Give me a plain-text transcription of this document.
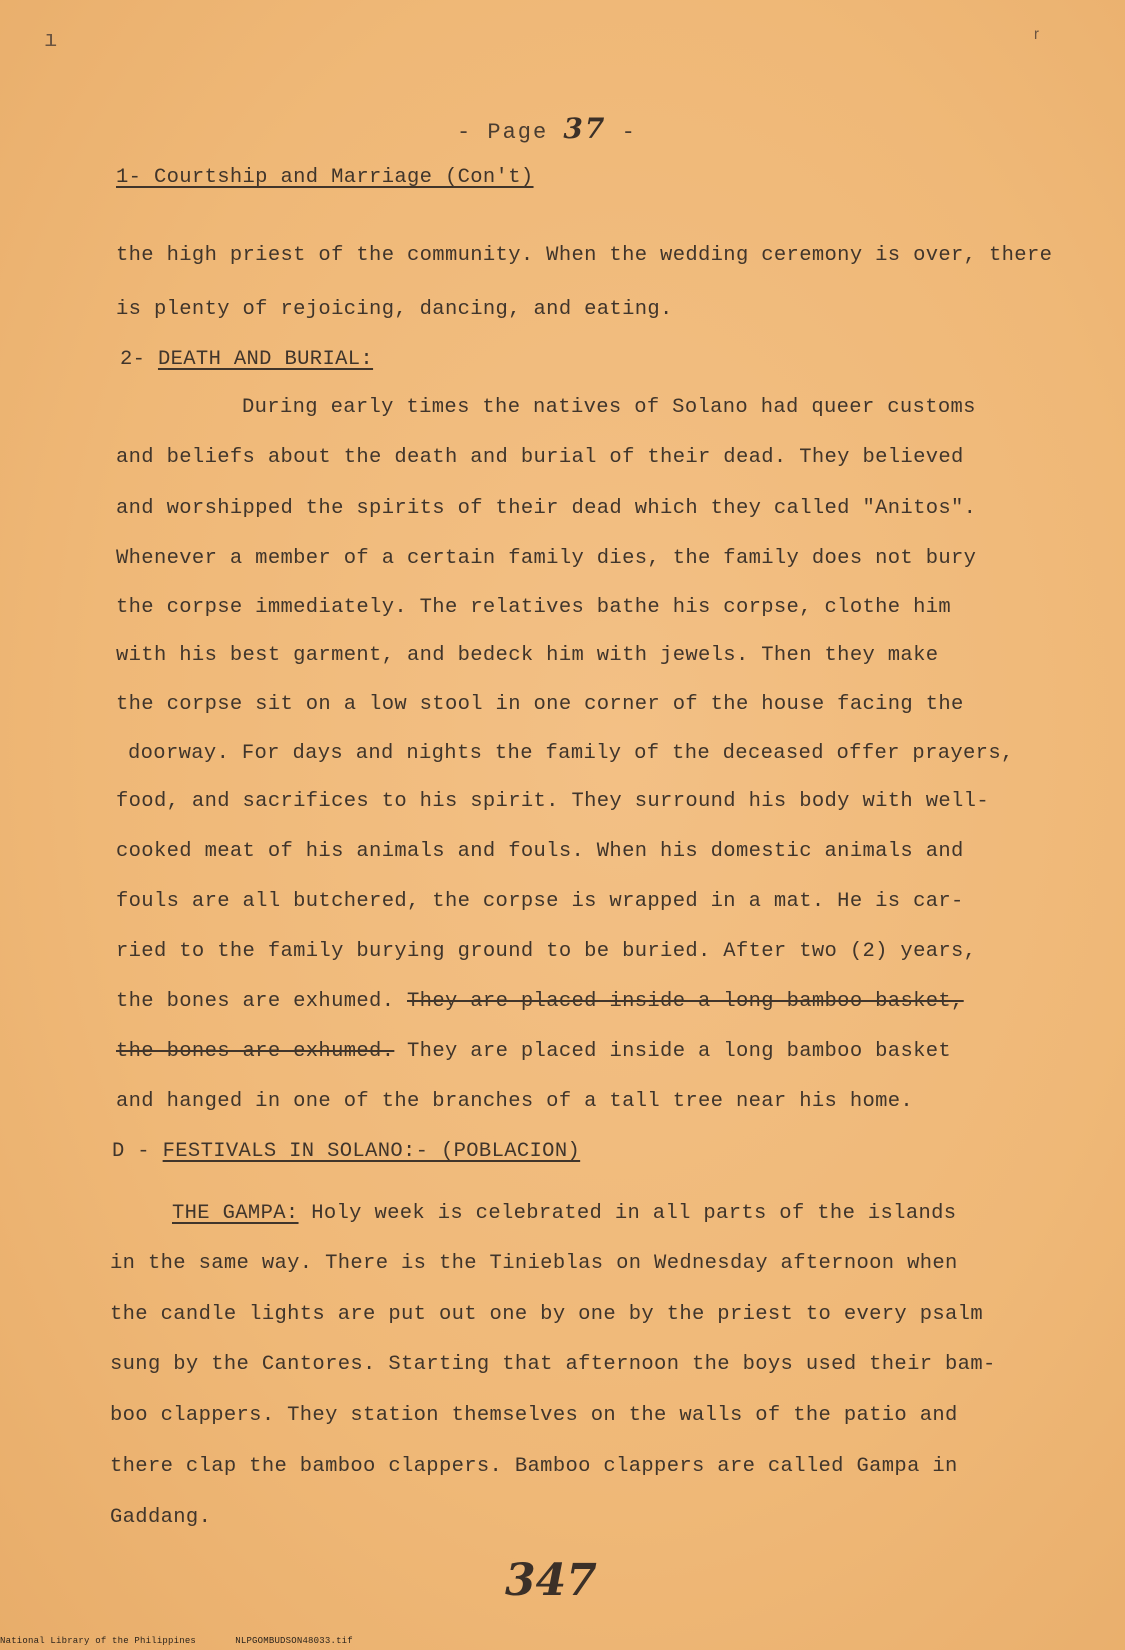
ı	ʳ
- Page 37 -
1- Courtship and Marriage (Con't)
the high priest of the community. When the wedding ceremony is over, there
is plenty of rejoicing, dancing, and eating.
2- DEATH AND BURIAL:
During early times the natives of Solano had queer customs
and beliefs about the death and burial of their dead. They believed
and worshipped the spirits of their dead which they called "Anitos".
Whenever a member of a certain family dies, the family does not bury
the corpse immediately. The relatives bathe his corpse, clothe him
with his best garment, and bedeck him with jewels. Then they make
the corpse sit on a low stool in one corner of the house facing the
doorway. For days and nights the family of the deceased offer prayers,
food, and sacrifices to his spirit. They surround his body with well-
cooked meat of his animals and fouls. When his domestic animals and
fouls are all butchered, the corpse is wrapped in a mat. He is car-
ried to the family burying ground to be buried. After two (2) years,
the bones are exhumed. They are placed inside a long bamboo basket,
the bones are exhumed. They are placed inside a long bamboo basket
and hanged in one of the branches of a tall tree near his home.
D - FESTIVALS IN SOLANO:- (POBLACION)
THE GAMPA: Holy week is celebrated in all parts of the islands
in the same way. There is the Tinieblas on Wednesday afternoon when
the candle lights are put out one by one by the priest to every psalm
sung by the Cantores. Starting that afternoon the boys used their bam-
boo clappers. They station themselves on the walls of the patio and
there clap the bamboo clappers. Bamboo clappers are called Gampa in
Gaddang.
347
National Library of the Philippines	NLPGOMBUDSON48033.tif
